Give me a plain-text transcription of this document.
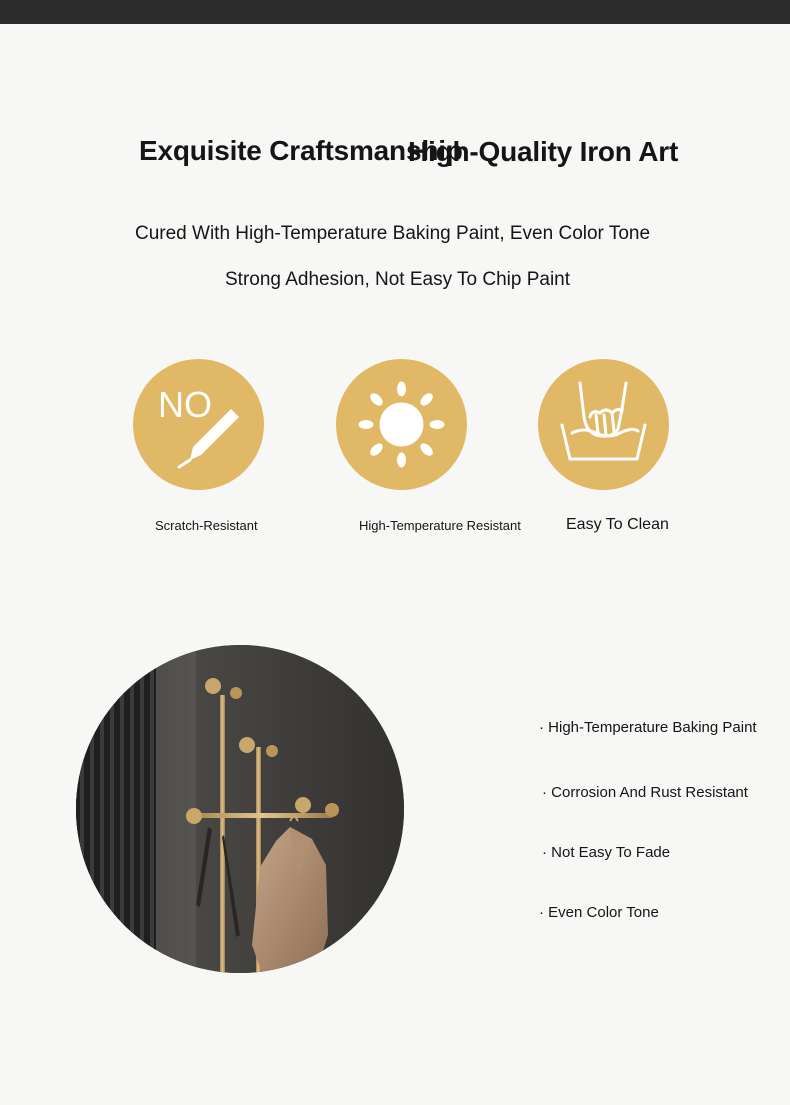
Exquisite Craftsmanship
High-Quality Iron Art
Cured With High-Temperature Baking Paint, Even Color Tone
Strong Adhesion, Not Easy To Chip Paint
NO
Scratch-Resistant	High-Temperature Resistant	Easy To Clean
· High-Temperature Baking Paint
· Corrosion And Rust Resistant
· Not Easy To Fade
· Even Color Tone
